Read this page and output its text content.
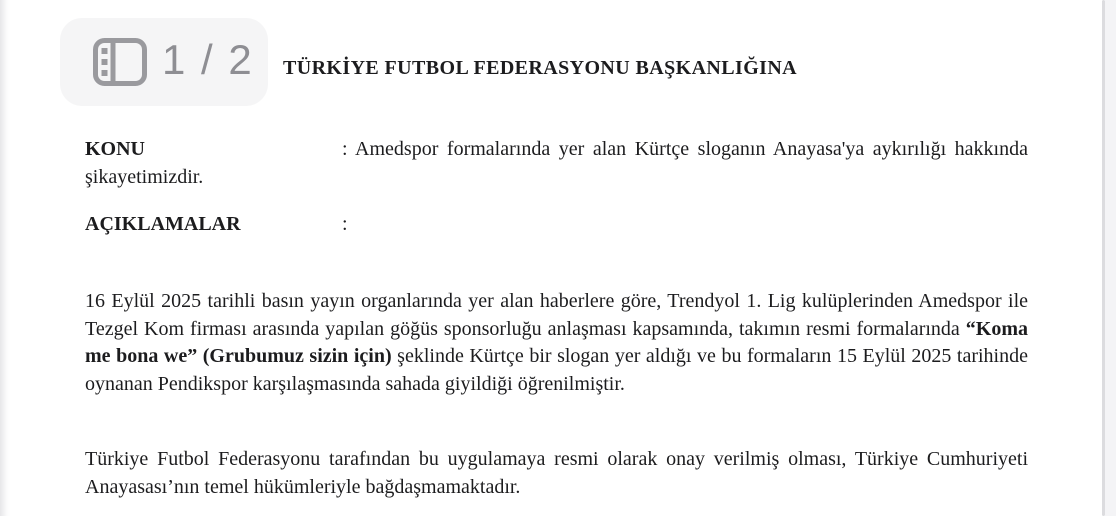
1 / 2 TÜRKİYE FUTBOL FEDERASYONU BAŞKANLIĞINA
KONU	: Amedspor formalarında yer alan Kürtçe sloganın Anayasa'ya aykırılığı hakkında şikayetimizdir.
AÇIKLAMALAR	:
16 Eylül 2025 tarihli basın yayın organlarında yer alan haberlere göre, Trendyol 1. Lig kulüplerinden Amedspor ile Tezgel Kom firması arasında yapılan göğüs sponsorluğu anlaşması kapsamında, takımın resmi formalarında “Koma me bona we” (Grubumuz sizin için) şeklinde Kürtçe bir slogan yer aldığı ve bu formaların 15 Eylül 2025 tarihinde oynanan Pendikspor karşılaşmasında sahada giyildiği öğrenilmiştir.
Türkiye Futbol Federasyonu tarafından bu uygulamaya resmi olarak onay verilmiş olması, Türkiye Cumhuriyeti Anayasası’nın temel hükümleriyle bağdaşmamaktadır.
